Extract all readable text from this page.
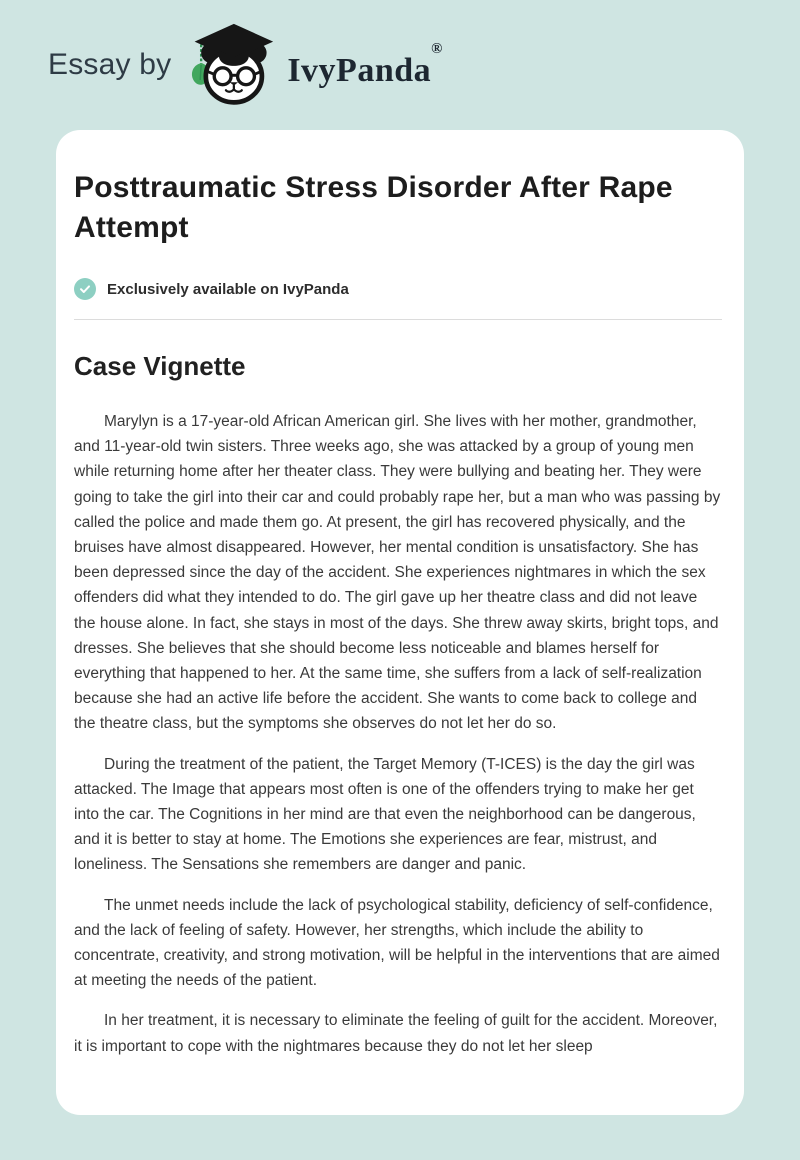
Essay by	IvyPanda®
Posttraumatic Stress Disorder After Rape Attempt
Exclusively available on IvyPanda
Case Vignette

Marylyn is a 17-year-old African American girl. She lives with her mother, grandmother, and 11-year-old twin sisters. Three weeks ago, she was attacked by a group of young men while returning home after her theater class. They were bullying and beating her. They were going to take the girl into their car and could probably rape her, but a man who was passing by called the police and made them go. At present, the girl has recovered physically, and the bruises have almost disappeared. However, her mental condition is unsatisfactory. She has been depressed since the day of the accident. She experiences nightmares in which the sex offenders did what they intended to do. The girl gave up her theatre class and did not leave the house alone. In fact, she stays in most of the days. She threw away skirts, bright tops, and dresses. She believes that she should become less noticeable and blames herself for everything that happened to her. At the same time, she suffers from a lack of self-realization because she had an active life before the accident. She wants to come back to college and the theatre class, but the symptoms she observes do not let her do so.

During the treatment of the patient, the Target Memory (T-ICES) is the day the girl was attacked. The Image that appears most often is one of the offenders trying to make her get into the car. The Cognitions in her mind are that even the neighborhood can be dangerous, and it is better to stay at home. The Emotions she experiences are fear, mistrust, and loneliness. The Sensations she remembers are danger and panic.

The unmet needs include the lack of psychological stability, deficiency of self-confidence, and the lack of feeling of safety. However, her strengths, which include the ability to concentrate, creativity, and strong motivation, will be helpful in the interventions that are aimed at meeting the needs of the patient.

In her treatment, it is necessary to eliminate the feeling of guilt for the accident. Moreover, it is important to cope with the nightmares because they do not let her sleep
